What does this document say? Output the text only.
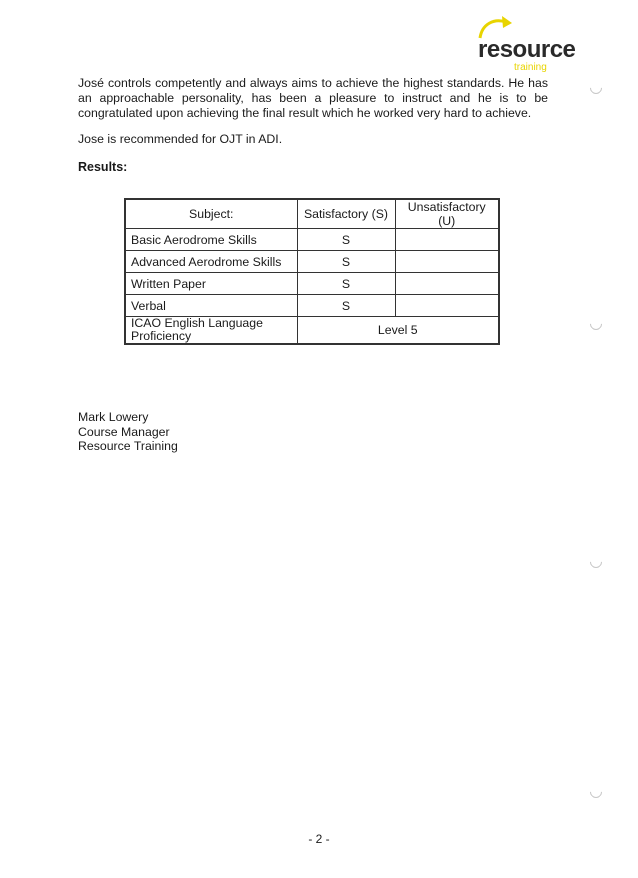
resource
training

José controls competently and always aims to achieve the highest standards. He has an approachable personality, has been a pleasure to instruct and he is to be congratulated upon achieving the final result which he worked very hard to achieve.

Jose is recommended for OJT in ADI.

Results:

Subject:	Satisfactory (S)	Unsatisfactory (U)
Basic Aerodrome Skills	S	
Advanced Aerodrome Skills	S	
Written Paper	S	
Verbal	S	
ICAO English Language Proficiency	Level 5	
Mark Lowery
Course Manager
Resource Training
- 2 -
